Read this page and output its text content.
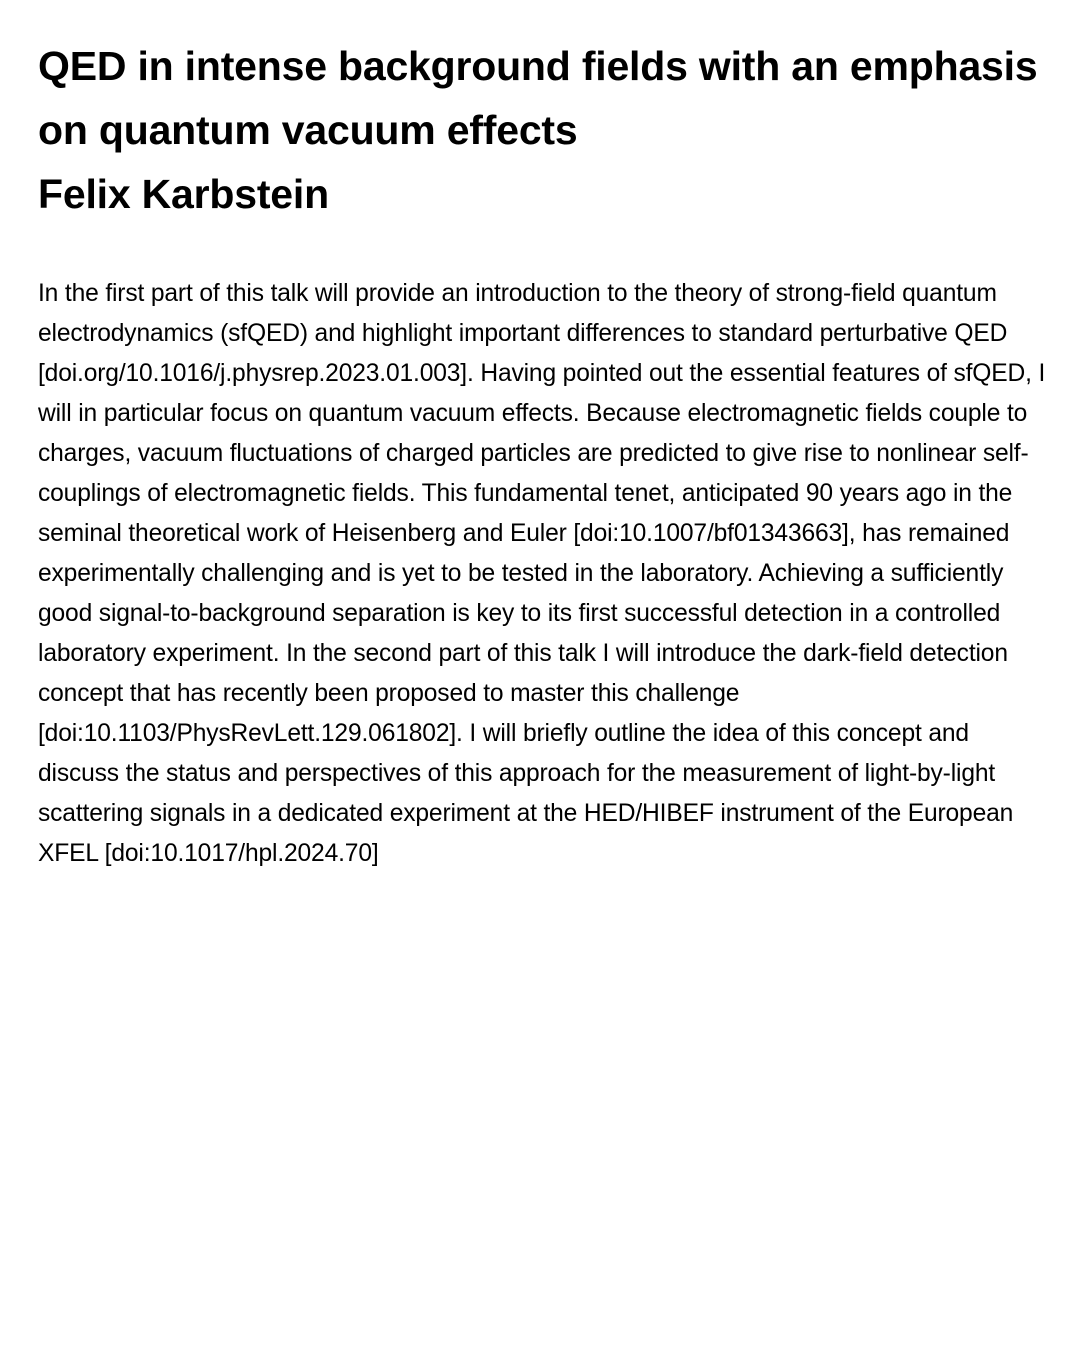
QED in intense background fields with an emphasis on quantum vacuum effects
Felix Karbstein

In the first part of this talk will provide an introduction to the theory of strong-field quantum electrodynamics (sfQED) and highlight important differences to standard perturbative QED [doi.org/10.1016/j.physrep.2023.01.003]. Having pointed out the essential features of sfQED, I will in particular focus on quantum vacuum effects. Because electromagnetic fields couple to charges, vacuum fluctuations of charged particles are predicted to give rise to nonlinear self-couplings of electromagnetic fields. This fundamental tenet, anticipated 90 years ago in the seminal theoretical work of Heisenberg and Euler [doi:10.1007/bf01343663], has remained experimentally challenging and is yet to be tested in the laboratory. Achieving a sufficiently good signal-to-background separation is key to its first successful detection in a controlled laboratory experiment. In the second part of this talk I will introduce the dark-field detection concept that has recently been proposed to master this challenge [doi:10.1103/PhysRevLett.129.061802]. I will briefly outline the idea of this concept and discuss the status and perspectives of this approach for the measurement of light-by-light scattering signals in a dedicated experiment at the HED/HIBEF instrument of the European XFEL [doi:10.1017/hpl.2024.70]
